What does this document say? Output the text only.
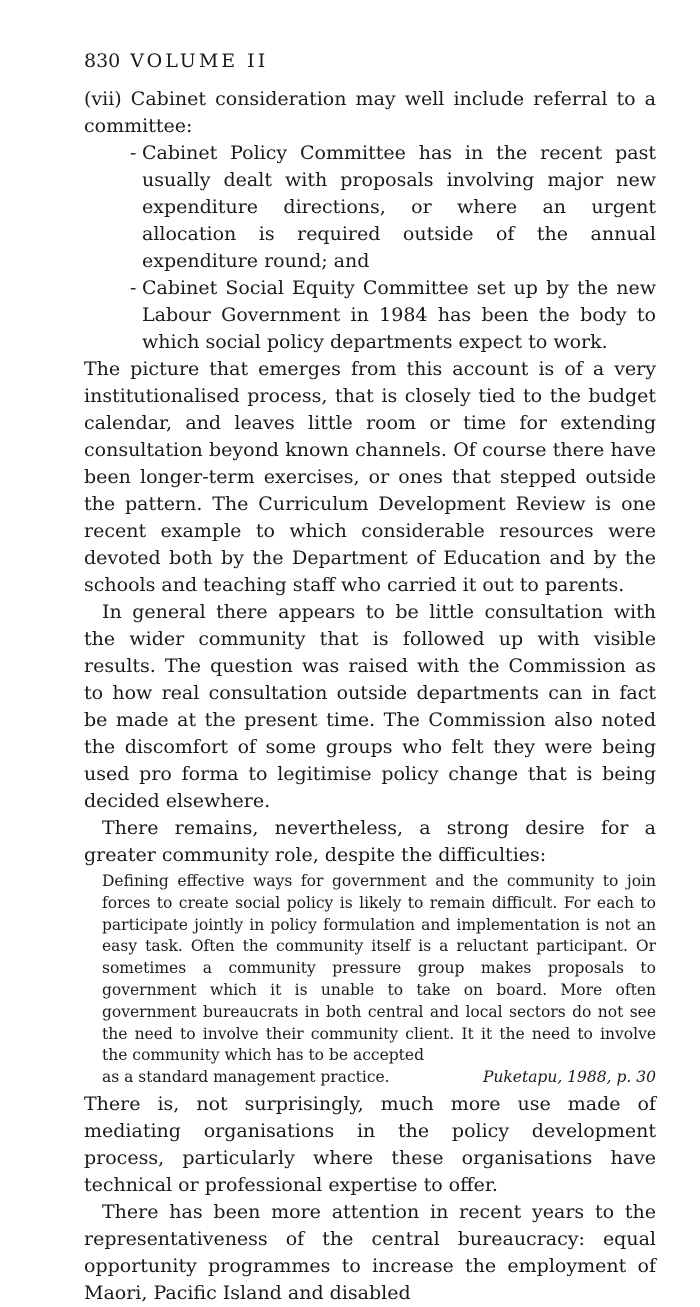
830 VOLUME II

(vii) Cabinet consideration may well include referral to a committee:

- Cabinet Policy Committee has in the recent past usually dealt with proposals involving major new expenditure directions, or where an urgent allocation is required outside of the annual expenditure round; and
- Cabinet Social Equity Committee set up by the new Labour Government in 1984 has been the body to which social policy departments expect to work.

The picture that emerges from this account is of a very institutionalised process, that is closely tied to the budget calendar, and leaves little room or time for extending consultation beyond known channels. Of course there have been longer-term exercises, or ones that stepped outside the pattern. The Curriculum Development Review is one recent example to which considerable resources were devoted both by the Department of Education and by the schools and teaching staff who carried it out to parents.

In general there appears to be little consultation with the wider community that is followed up with visible results. The question was raised with the Commission as to how real consultation outside departments can in fact be made at the present time. The Commission also noted the discomfort of some groups who felt they were being used pro forma to legitimise policy change that is being decided elsewhere.

There remains, nevertheless, a strong desire for a greater community role, despite the difficulties:

Defining effective ways for government and the community to join forces to create social policy is likely to remain difficult. For each to participate jointly in policy formulation and implementation is not an easy task. Often the community itself is a reluctant participant. Or sometimes a community pressure group makes proposals to government which it is unable to take on board. More often government bureaucrats in both central and local sectors do not see the need to involve their community client. It it the need to involve the community which has to be accepted
as a standard management practice.	Puketapu, 1988, p. 30

There is, not surprisingly, much more use made of mediating organisations in the policy development process, particularly where these organisations have technical or professional expertise to offer.

There has been more attention in recent years to the representativeness of the central bureaucracy: equal opportunity programmes to increase the employment of Maori, Pacific Island and disabled
